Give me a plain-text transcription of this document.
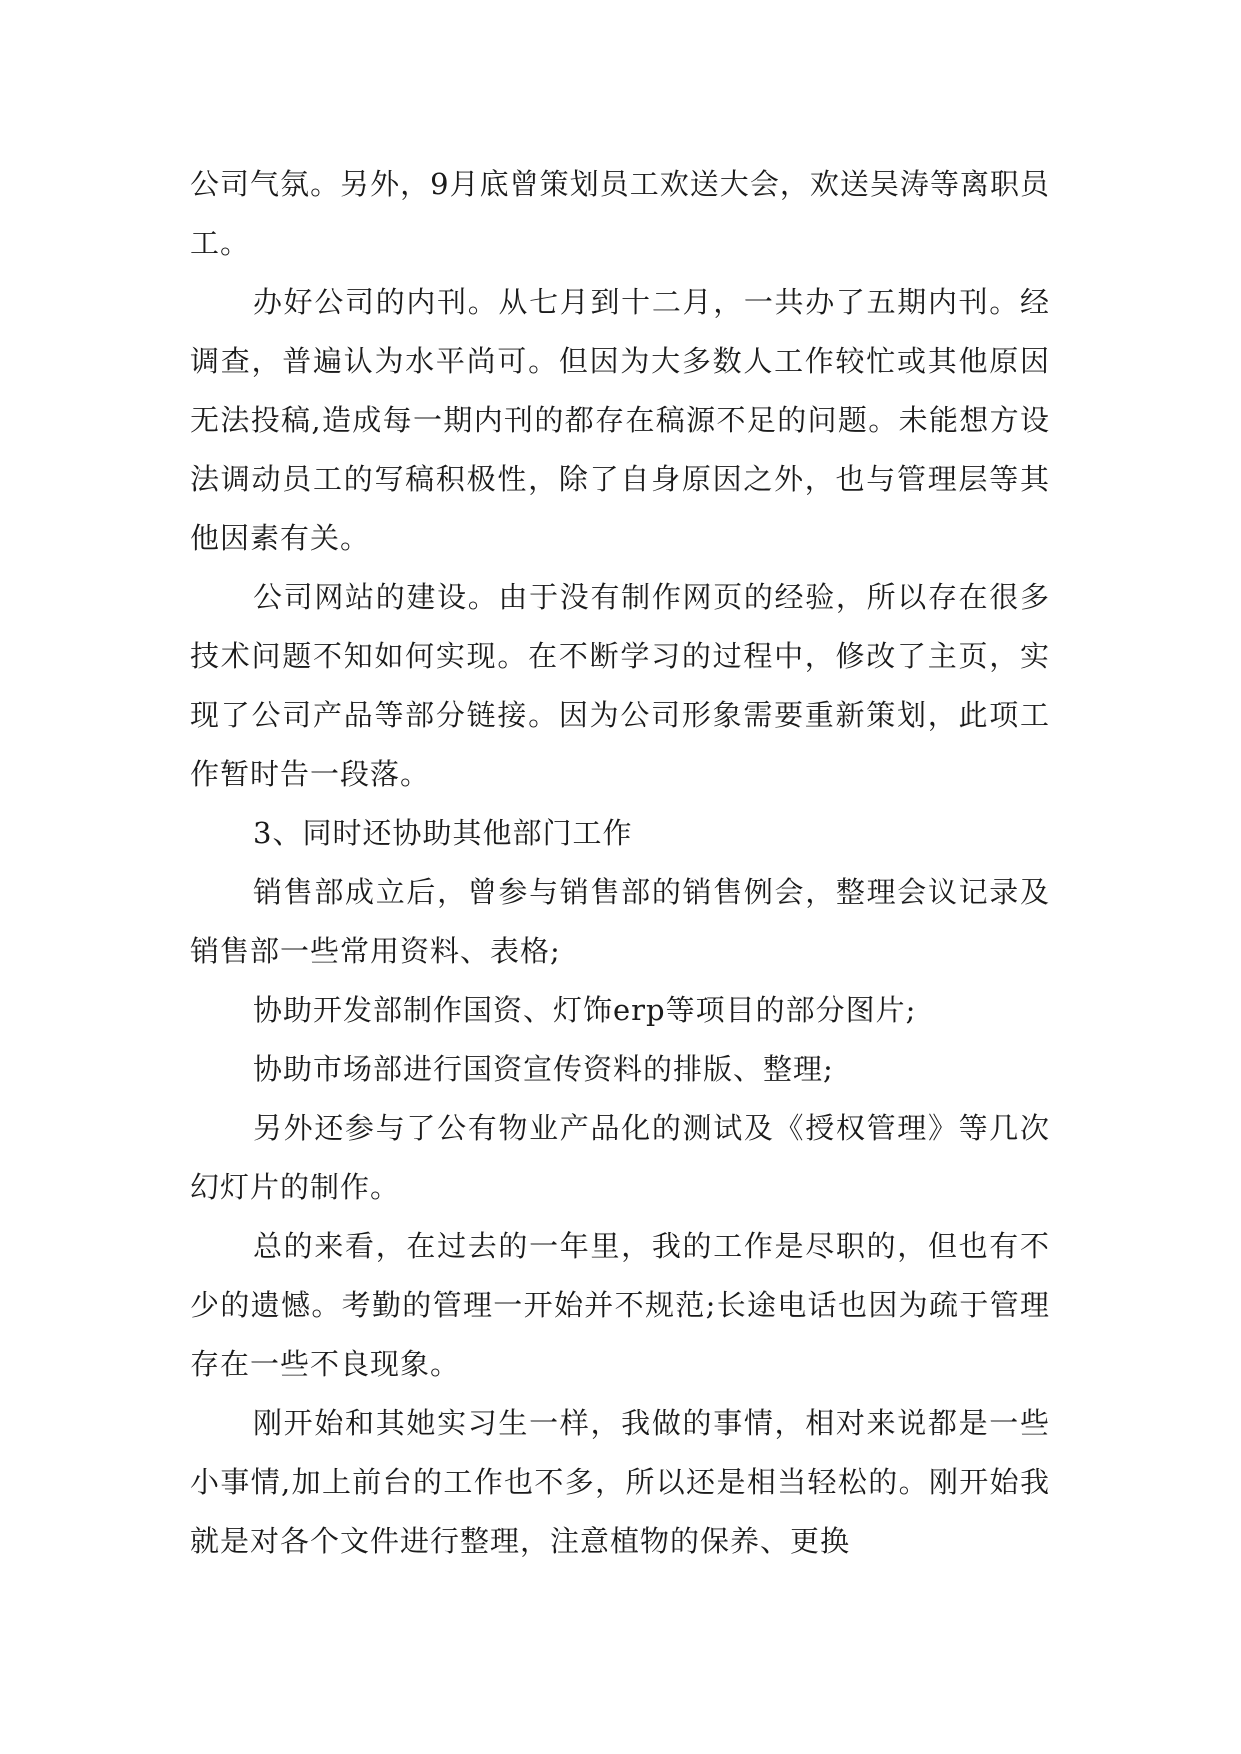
公司气氛。另外，9月底曾策划员工欢送大会，欢送吴涛等离职员工。

办好公司的内刊。从七月到十二月，一共办了五期内刊。经调查，普遍认为水平尚可。但因为大多数人工作较忙或其他原因无法投稿,造成每一期内刊的都存在稿源不足的问题。未能想方设法调动员工的写稿积极性，除了自身原因之外，也与管理层等其他因素有关。

公司网站的建设。由于没有制作网页的经验，所以存在很多技术问题不知如何实现。在不断学习的过程中，修改了主页，实现了公司产品等部分链接。因为公司形象需要重新策划，此项工作暂时告一段落。

3、同时还协助其他部门工作

销售部成立后，曾参与销售部的销售例会，整理会议记录及销售部一些常用资料、表格;

协助开发部制作国资、灯饰erp等项目的部分图片;

协助市场部进行国资宣传资料的排版、整理;

另外还参与了公有物业产品化的测试及《授权管理》等几次幻灯片的制作。

总的来看，在过去的一年里，我的工作是尽职的，但也有不少的遗憾。考勤的管理一开始并不规范;长途电话也因为疏于管理存在一些不良现象。

刚开始和其她实习生一样，我做的事情，相对来说都是一些小事情,加上前台的工作也不多，所以还是相当轻松的。刚开始我就是对各个文件进行整理，注意植物的保养、更换
